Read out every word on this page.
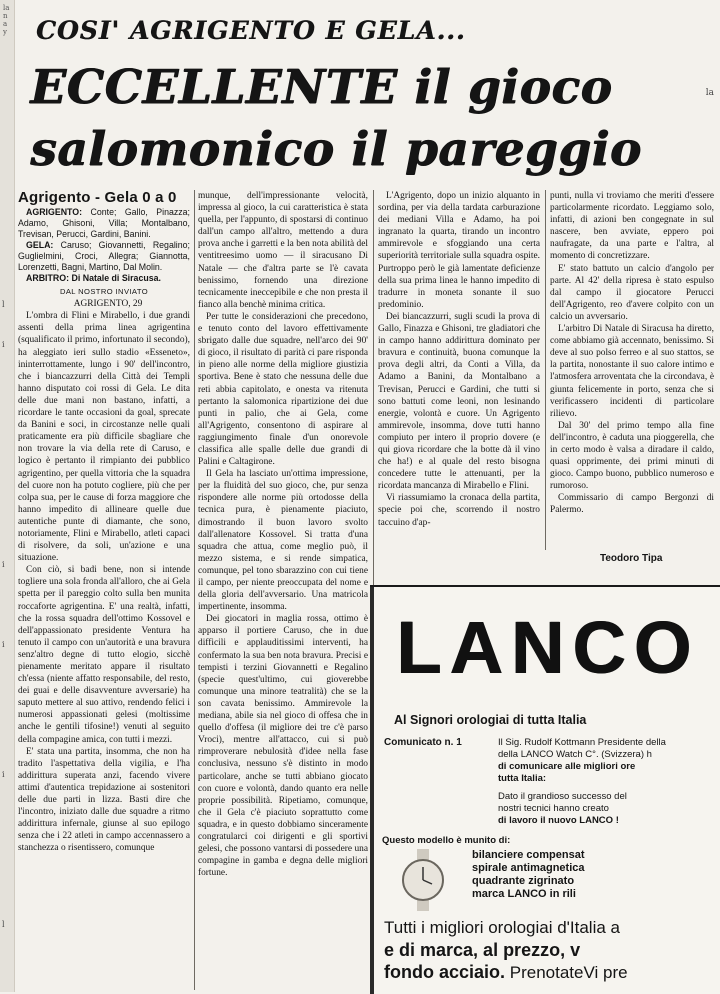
la n a y
l
i
i
i
i
l
la
COSI' AGRIGENTO E GELA...
ECCELLENTE il gioco
salomonico il pareggio
Agrigento - Gela 0 a 0

AGRIGENTO: Conte; Gallo, Pinazza; Adamo, Ghisoni, Villa; Montalbano, Trevisan, Perucci, Gardini, Banini.

GELA: Caruso; Giovannetti, Regalino; Guglielmini, Croci, Allegra; Giannotta, Lorenzetti, Bagni, Martino, Dal Molin.

ARBITRO: Di Natale di Siracusa.

DAL NOSTRO INVIATO

AGRIGENTO, 29

L'ombra di Flini e Mirabello, i due grandi assenti della prima linea agrigentina (squalificato il primo, infortunato il secondo), ha aleggiato ieri sullo stadio «Esseneto», ininterrottamente, lungo i 90' dell'incontro, che i biancazzurri della Città dei Templi hanno disputato coi rossi di Gela. Le dita delle due mani non bastano, infatti, a ricordare le tante occasioni da goal, sprecate da Banini e soci, in circostanze nelle quali praticamente era più difficile sbagliare che non trovare la via della rete di Caruso, e logico è pertanto il rimpianto dei pubblico agrigentino, per quella vittoria che la squadra del cuore non ha potuto cogliere, più che per colpa sua, per le cause di forza maggiore che hanno impedito di allineare quelle due autentiche punte di diamante, che sono, notoriamente, Flini e Mirabello, atleti capaci di risolvere, da soli, un'azione e una situazione.

Con ciò, si badi bene, non si intende togliere una sola fronda all'alloro, che ai Gela spetta per il pareggio colto sulla ben munita roccaforte agrigentina. E' una realtà, infatti, che la rossa squadra dell'ottimo Kossovel e dell'appassionato presidente Ventura ha tenuto il campo con un'autorità e una bravura senz'altro degne di tutto elogio, sicchè pienamente meritato appare il risultato ch'essa (niente affatto responsabile, del resto, dei guai e delle disavventure avversarie) ha saputo mettere al suo attivo, rendendo felici i numerosi appassionati gelesi (moltissime anche le gentili tifosine!) venuti al seguito della compagine amica, con tutti i mezzi.

E' stata una partita, insomma, che non ha tradito l'aspettativa della vigilia, e l'ha addirittura superata anzi, facendo vivere attimi d'autentica trepidazione ai sostenitori delle due parti in lizza. Basti dire che l'incontro, iniziato dalle due squadre a ritmo addirittura infernale, giunse al suo epilogo senza che i 22 atleti in campo accennassero a stanchezza o risentissero, comunque

munque, dell'impressionante velocità, impressa al gioco, la cui caratteristica è stata quella, per l'appunto, di spostarsi di continuo dall'un campo all'altro, mettendo a dura prova anche i garretti e la ben nota abilità del ventitreesimo uomo — il siracusano Di Natale — che d'altra parte se l'è cavata benissimo, fornendo una direzione tecnicamente ineccepibile e che non presta il fianco alla benchè minima critica.

Per tutte le considerazioni che precedono, e tenuto conto del lavoro effettivamente sbrigato dalle due squadre, nell'arco dei 90' di gioco, il risultato di parità ci pare risponda in pieno alle norme della migliore giustizia sportiva. Bene è stato che nessuna delle due reti abbia capitolato, e onesta va ritenuta pertanto la salomonica ripartizione dei due punti in palio, che ai Gela, come all'Agrigento, consentono di aspirare al raggiungimento finale d'un onorevole classifica alle spalle delle due grandi di Palini e Caltagirone.

Il Gela ha lasciato un'ottima impressione, per la fluidità del suo gioco, che, pur senza rispondere alle norme più ortodosse della tecnica pura, è pienamente piaciuto, dimostrando il buon lavoro svolto dall'allenatore Kossovel. Si tratta d'una squadra che attua, come meglio può, il mezzo sistema, e si rende simpatica, comunque, pel tono sbarazzino con cui tiene il campo, per niente preoccupata del nome e della gloria dell'avversario. Una matricola impertinente, insomma.

Dei giocatori in maglia rossa, ottimo è apparso il portiere Caruso, che in due difficili e applauditissimi interventi, ha confermato la sua ben nota bravura. Precisi e tempisti i terzini Giovannetti e Regalino (specie quest'ultimo, cui gioverebbe comunque una minore teatralità) che se la son cavata benissimo. Ammirevole la mediana, abile sia nel gioco di offesa che in quello d'offesa (il migliore dei tre c'è parso Vroci), mentre all'attacco, cui si può rimproverare nebulosità d'idee nella fase conclusiva, nessuno s'è distinto in modo particolare, anche se tutti abbiano giocato con cuore e volontà, dando quanto era nelle proprie possibilità. Ripetiamo, comunque, che il Gela c'è piaciuto soprattutto come squadra, e in questo dobbiamo sinceramente congratularci coi dirigenti e gli sportivi gelesi, che possono vantarsi di possedere una compagine in gamba e degna delle migliori fortune.

L'Agrigento, dopo un inizio alquanto in sordina, per via della tardata carburazione dei mediani Villa e Adamo, ha poi ingranato la quarta, tirando un incontro ammirevole e sfoggiando una certa superiorità territoriale sulla squadra ospite. Purtroppo però le già lamentate deficienze della sua prima linea le hanno impedito di tradurre in moneta sonante il suo predominio.

Dei biancazzurri, sugli scudi la prova di Gallo, Finazza e Ghisoni, tre gladiatori che in campo hanno addirittura dominato per bravura e continuità, buona comunque la prova degli altri, da Conti a Villa, da Adamo a Banini, da Montalbano a Trevisan, Perucci e Gardini, che tutti si sono battuti come leoni, non lesinando energie, volontà e cuore. Un Agrigento ammirevole, insomma, dove tutti hanno compiuto per intero il proprio dovere (e qui giova ricordare che la botte dà il vino che ha!) e al quale del resto bisogna concedere tutte le attenuanti, per la ricordata mancanza di Mirabello e Flini.

Vi riassumiamo la cronaca della partita, specie poi che, scorrendo il nostro taccuino d'ap-

punti, nulla vi troviamo che meriti d'essere particolarmente ricordato. Leggiamo solo, infatti, di azioni ben congegnate in sul nascere, ben avviate, eppero poi naufragate, da una parte e l'altra, al momento di concretizzare.

E' stato battuto un calcio d'angolo per parte. Al 42' della ripresa è stato espulso dal campo il giocatore Perucci dell'Agrigento, reo d'avere colpito con un calcio un avversario.

L'arbitro Di Natale di Siracusa ha diretto, come abbiamo già accennato, benissimo. Si deve al suo polso ferreo e al suo stattos, se la partita, nonostante il suo calore intimo e l'atmosfera arroventata che la circondava, è giunta felicemente in porto, senza che si verificassero incidenti di particolare rilievo.

Dal 30' del primo tempo alla fine dell'incontro, è caduta una pioggerella, che in certo modo è valsa a diradare il caldo, quasi opprimente, dei primi minuti di gioco. Campo buono, pubblico numeroso e rumoroso.

Commissario di campo Bergonzi di Palermo.

Teodoro Tipa
LANCO
Al Signori orologiai di tutta Italia
Comunicato n. 1	Il Sig. Rudolf Kottmann Presidente della
della LANCO Watch C°. (Svizzera) h
di comunicare alle migliori ore
tutta Italia:
Dato il grandioso successo del
nostri tecnici hanno creato
di lavoro il nuovo LANCO !
Questo modello è munito di:
bilanciere compensat
spirale antimagnetica
quadrante zigrinato
marca LANCO in rili
Tutti i migliori orologiai d'Italia a
e di marca, al prezzo, v
fondo acciaio. PrenotateVi pre
